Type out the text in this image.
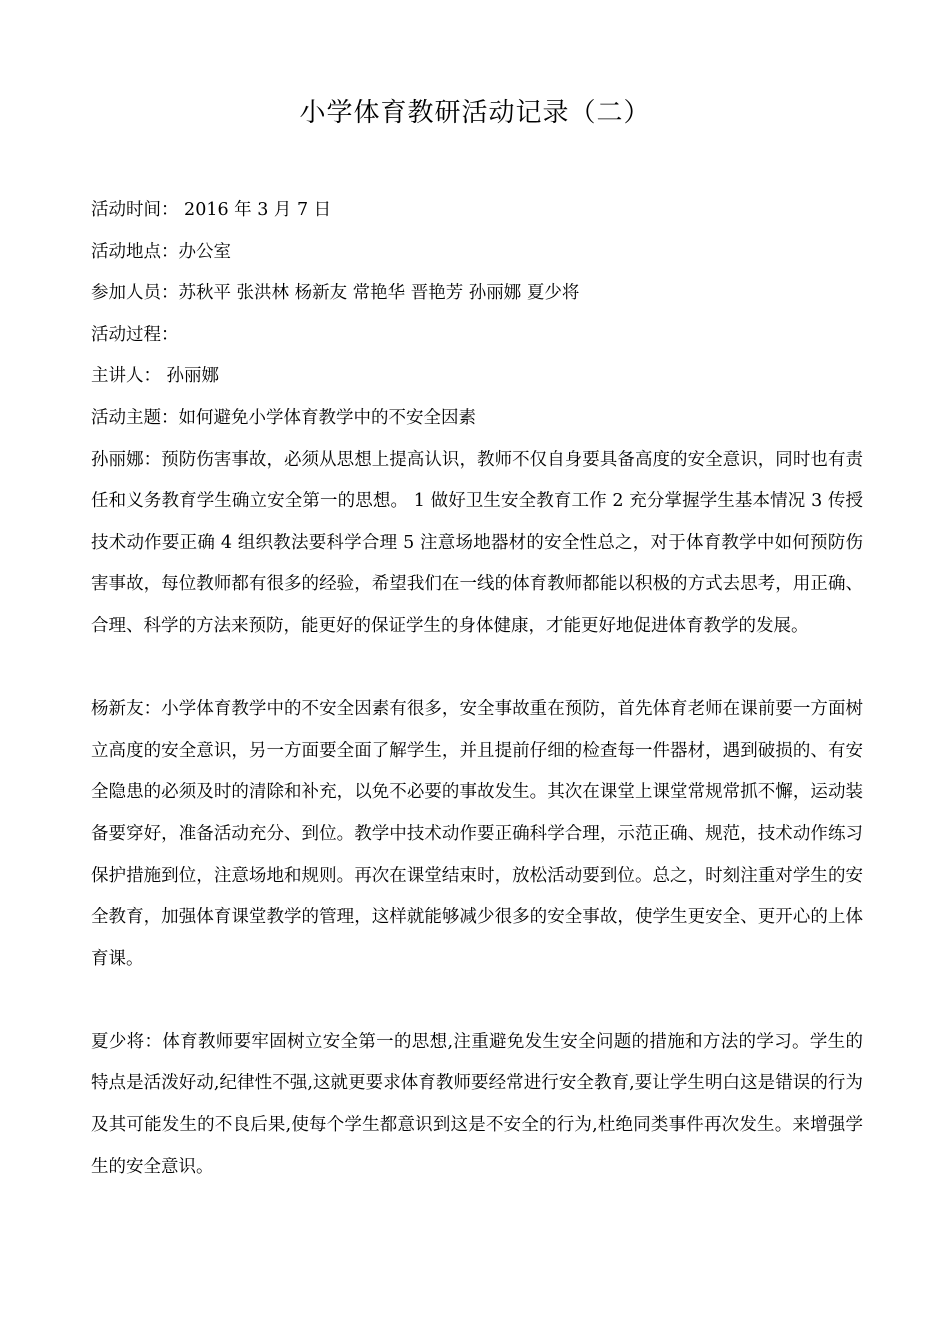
小学体育教研活动记录（二）

活动时间： 2016 年 3 月 7 日

活动地点：办公室

参加人员：苏秋平 张洪林 杨新友 常艳华 晋艳芳 孙丽娜 夏少将

活动过程：

主讲人： 孙丽娜

活动主题：如何避免小学体育教学中的不安全因素

孙丽娜：预防伤害事故，必须从思想上提高认识，教师不仅自身要具备高度的安全意识，同时也有责任和义务教育学生确立安全第一的思想。 1 做好卫生安全教育工作 2 充分掌握学生基本情况 3 传授技术动作要正确 4 组织教法要科学合理 5 注意场地器材的安全性总之，对于体育教学中如何预防伤害事故，每位教师都有很多的经验，希望我们在一线的体育教师都能以积极的方式去思考，用正确、合理、科学的方法来预防，能更好的保证学生的身体健康，才能更好地促进体育教学的发展。

杨新友：小学体育教学中的不安全因素有很多，安全事故重在预防，首先体育老师在课前要一方面树立高度的安全意识，另一方面要全面了解学生，并且提前仔细的检查每一件器材，遇到破损的、有安全隐患的必须及时的清除和补充，以免不必要的事故发生。其次在课堂上课堂常规常抓不懈，运动装备要穿好，准备活动充分、到位。教学中技术动作要正确科学合理，示范正确、规范，技术动作练习保护措施到位，注意场地和规则。再次在课堂结束时，放松活动要到位。总之，时刻注重对学生的安全教育，加强体育课堂教学的管理，这样就能够减少很多的安全事故，使学生更安全、更开心的上体育课。

夏少将：体育教师要牢固树立安全第一的思想,注重避免发生安全问题的措施和方法的学习。学生的特点是活泼好动,纪律性不强,这就更要求体育教师要经常进行安全教育,要让学生明白这是错误的行为及其可能发生的不良后果,使每个学生都意识到这是不安全的行为,杜绝同类事件再次发生。来增强学生的安全意识。
